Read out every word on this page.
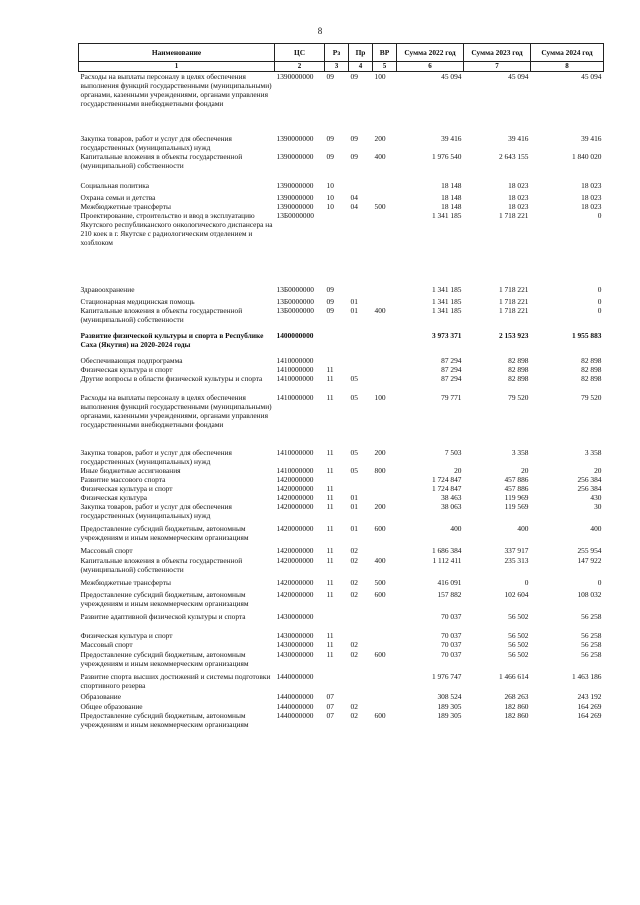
8
Наименование	ЦС	Рз	Пр	ВР	Сумма 2022 год	Сумма 2023 год	Сумма 2024 год
1	2	3	4	5	6	7	8
Расходы на выплаты персоналу в целях обеспечения выполнения функций государственными (муниципальными) органами, казенными учреждениями, органами управления государственными внебюджетными фондами	1390000000	09	09	100	45 094	45 094	45 094
Закупка товаров, работ и услуг для обеспечения государственных (муниципальных) нужд	1390000000	09	09	200	39 416	39 416	39 416
Капитальные вложения в объекты государственной (муниципальной) собственности	1390000000	09	09	400	1 976 540	2 643 155	1 840 020
Социальная политика	1390000000	10			18 148	18 023	18 023
Охрана семьи и детства	1390000000	10	04		18 148	18 023	18 023
Межбюджетные трансферты	1390000000	10	04	500	18 148	18 023	18 023
Проектирование, строительство и ввод в эксплуатацию Якутского республиканского онкологического диспансера на 210 коек в г. Якутске с радиологическим отделением и хозблоком	13Б0000000				1 341 185	1 718 221	0
Здравоохранение	13Б0000000	09			1 341 185	1 718 221	0
Стационарная медицинская помощь	13Б0000000	09	01		1 341 185	1 718 221	0
Капитальные вложения в объекты государственной (муниципальной) собственности	13Б0000000	09	01	400	1 341 185	1 718 221	0
Развитие физической культуры и спорта в Республике Саха (Якутия) на 2020-2024 годы	1400000000				3 973 371	2 153 923	1 955 883
Обеспечивающая подпрограмма	1410000000				87 294	82 898	82 898
Физическая культура и спорт	1410000000	11			87 294	82 898	82 898
Другие вопросы в области физической культуры и спорта	1410000000	11	05		87 294	82 898	82 898
Расходы на выплаты персоналу в целях обеспечения выполнения функций государственными (муниципальными) органами, казенными учреждениями, органами управления государственными внебюджетными фондами	1410000000	11	05	100	79 771	79 520	79 520
Закупка товаров, работ и услуг для обеспечения государственных (муниципальных) нужд	1410000000	11	05	200	7 503	3 358	3 358
Иные бюджетные ассигнования	1410000000	11	05	800	20	20	20
Развитие массового спорта	1420000000				1 724 847	457 886	256 384
Физическая культура и спорт	1420000000	11			1 724 847	457 886	256 384
Физическая культура	1420000000	11	01		38 463	119 969	430
Закупка товаров, работ и услуг для обеспечения государственных (муниципальных) нужд	1420000000	11	01	200	38 063	119 569	30
Предоставление субсидий бюджетным, автономным учреждениям и иным некоммерческим организациям	1420000000	11	01	600	400	400	400
Массовый спорт	1420000000	11	02		1 686 384	337 917	255 954
Капитальные вложения в объекты государственной (муниципальной) собственности	1420000000	11	02	400	1 112 411	235 313	147 922
Межбюджетные трансферты	1420000000	11	02	500	416 091	0	0
Предоставление субсидий бюджетным, автономным учреждениям и иным некоммерческим организациям	1420000000	11	02	600	157 882	102 604	108 032
Развитие адаптивной физической культуры и спорта	1430000000				70 037	56 502	56 258
Физическая культура и спорт	1430000000	11			70 037	56 502	56 258
Массовый спорт	1430000000	11	02		70 037	56 502	56 258
Предоставление субсидий бюджетным, автономным учреждениям и иным некоммерческим организациям	1430000000	11	02	600	70 037	56 502	56 258
Развитие спорта высших достижений и системы подготовки спортивного резерва	1440000000				1 976 747	1 466 614	1 463 186
Образование	1440000000	07			308 524	268 263	243 192
Общее образование	1440000000	07	02		189 305	182 860	164 269
Предоставление субсидий бюджетным, автономным учреждениям и иным некоммерческим организациям	1440000000	07	02	600	189 305	182 860	164 269
